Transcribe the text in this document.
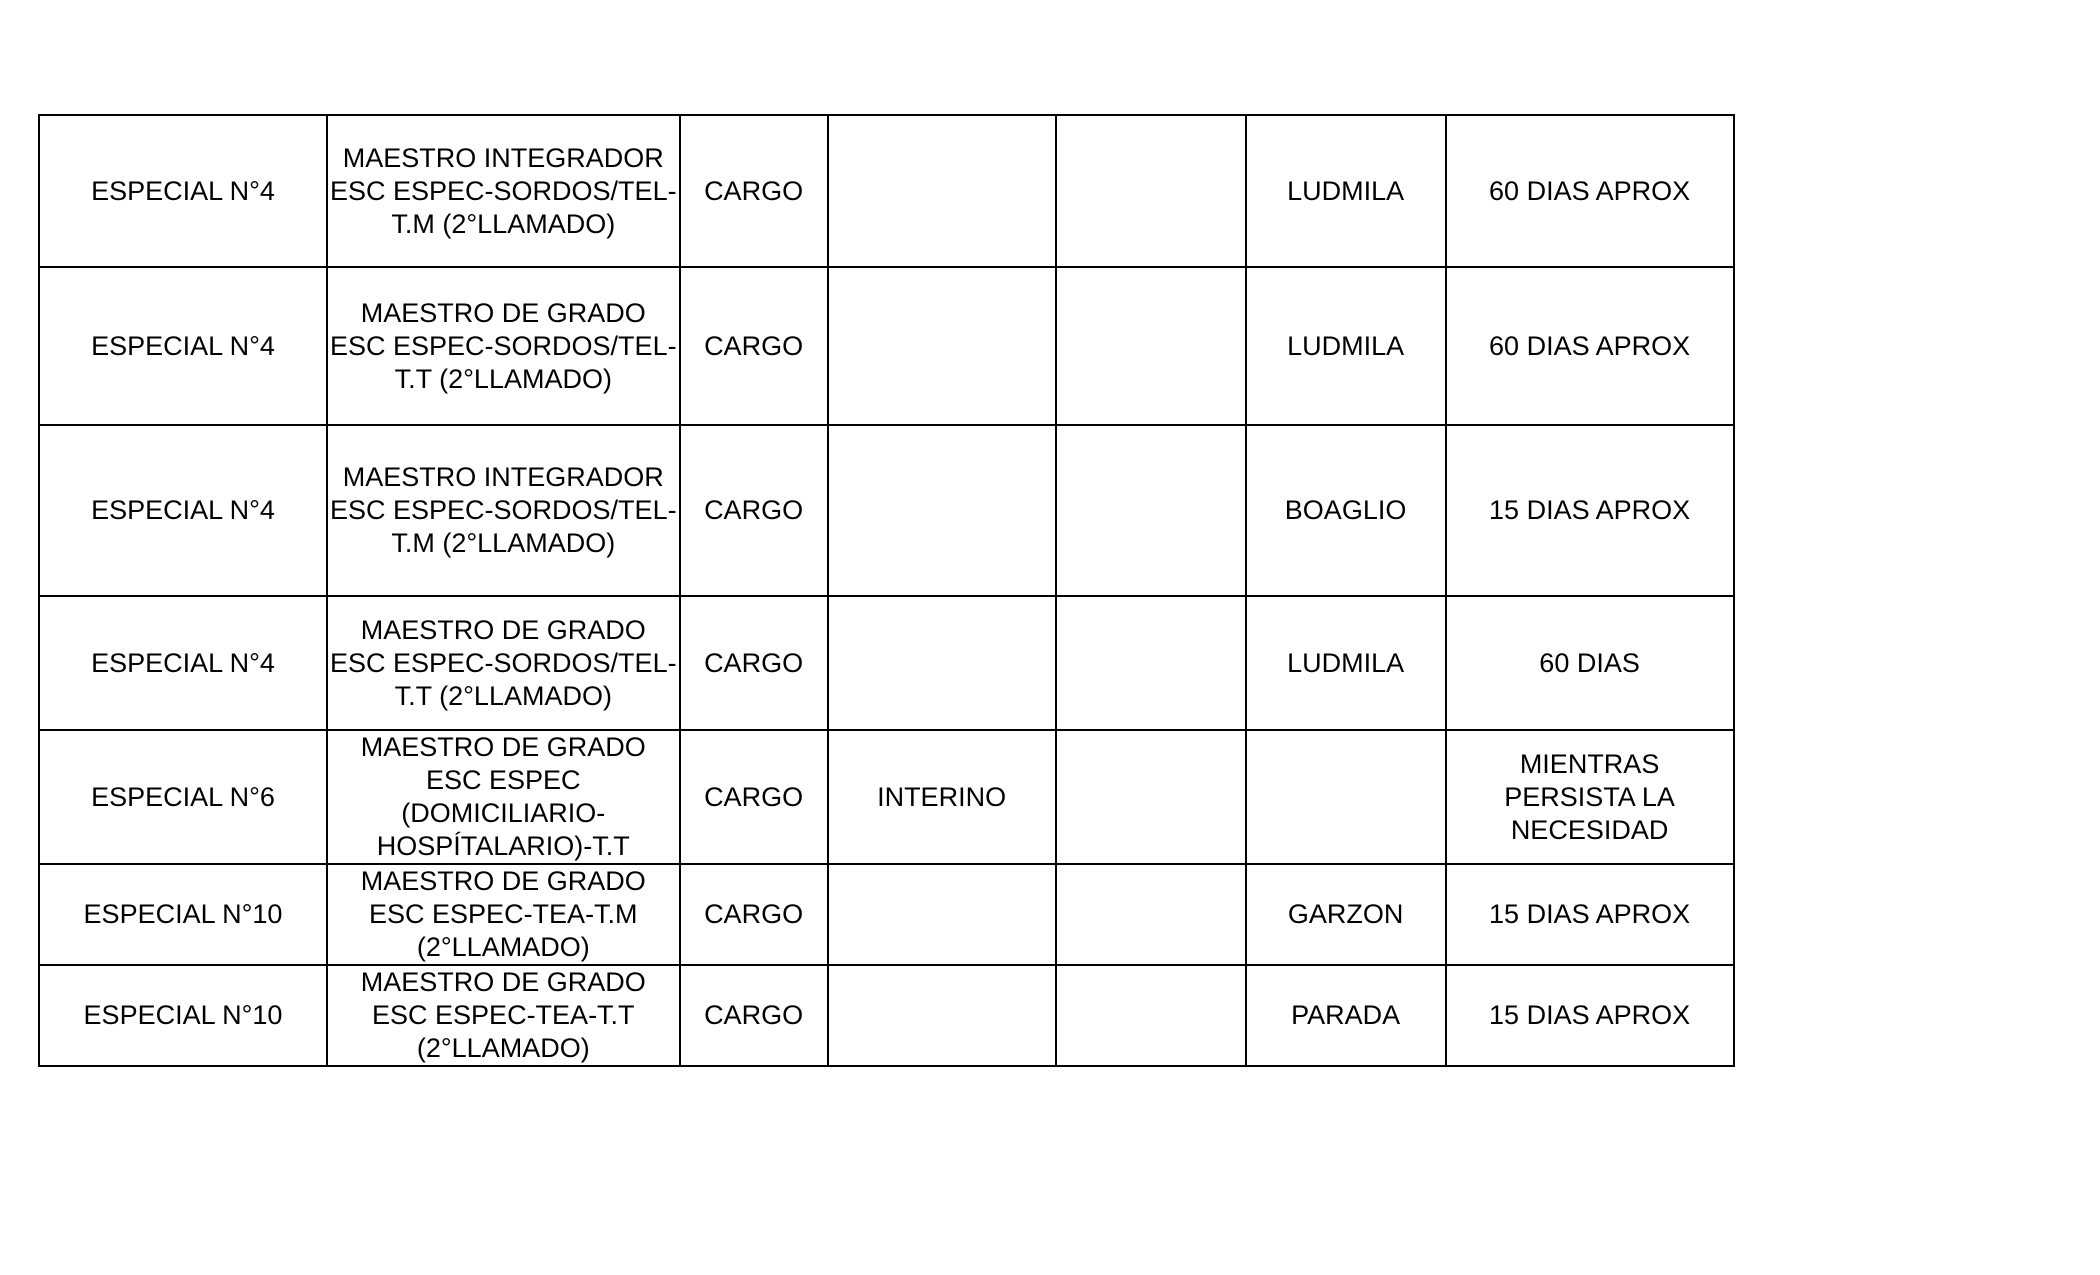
ESPECIAL N°4	MAESTRO INTEGRADOR
ESC ESPEC-SORDOS/TEL-
T.M (2°LLAMADO)	CARGO			LUDMILA	60 DIAS APROX

ESPECIAL N°4	MAESTRO DE GRADO
ESC ESPEC-SORDOS/TEL-
T.T (2°LLAMADO)	CARGO			LUDMILA	60 DIAS APROX

ESPECIAL N°4	MAESTRO INTEGRADOR
ESC ESPEC-SORDOS/TEL-
T.M (2°LLAMADO)	CARGO			BOAGLIO	15 DIAS APROX

ESPECIAL N°4	MAESTRO DE GRADO
ESC ESPEC-SORDOS/TEL-
T.T (2°LLAMADO)	CARGO			LUDMILA	60 DIAS

ESPECIAL N°6	MAESTRO DE GRADO
ESC ESPEC
(DOMICILIARIO-
HOSPÍTALARIO)-T.T	CARGO	INTERINO			MIENTRAS
PERSISTA LA
NECESIDAD

ESPECIAL N°10	MAESTRO DE GRADO
ESC ESPEC-TEA-T.M
(2°LLAMADO)	CARGO			GARZON	15 DIAS APROX

ESPECIAL N°10	MAESTRO DE GRADO
ESC ESPEC-TEA-T.T
(2°LLAMADO)	CARGO			PARADA	15 DIAS APROX
